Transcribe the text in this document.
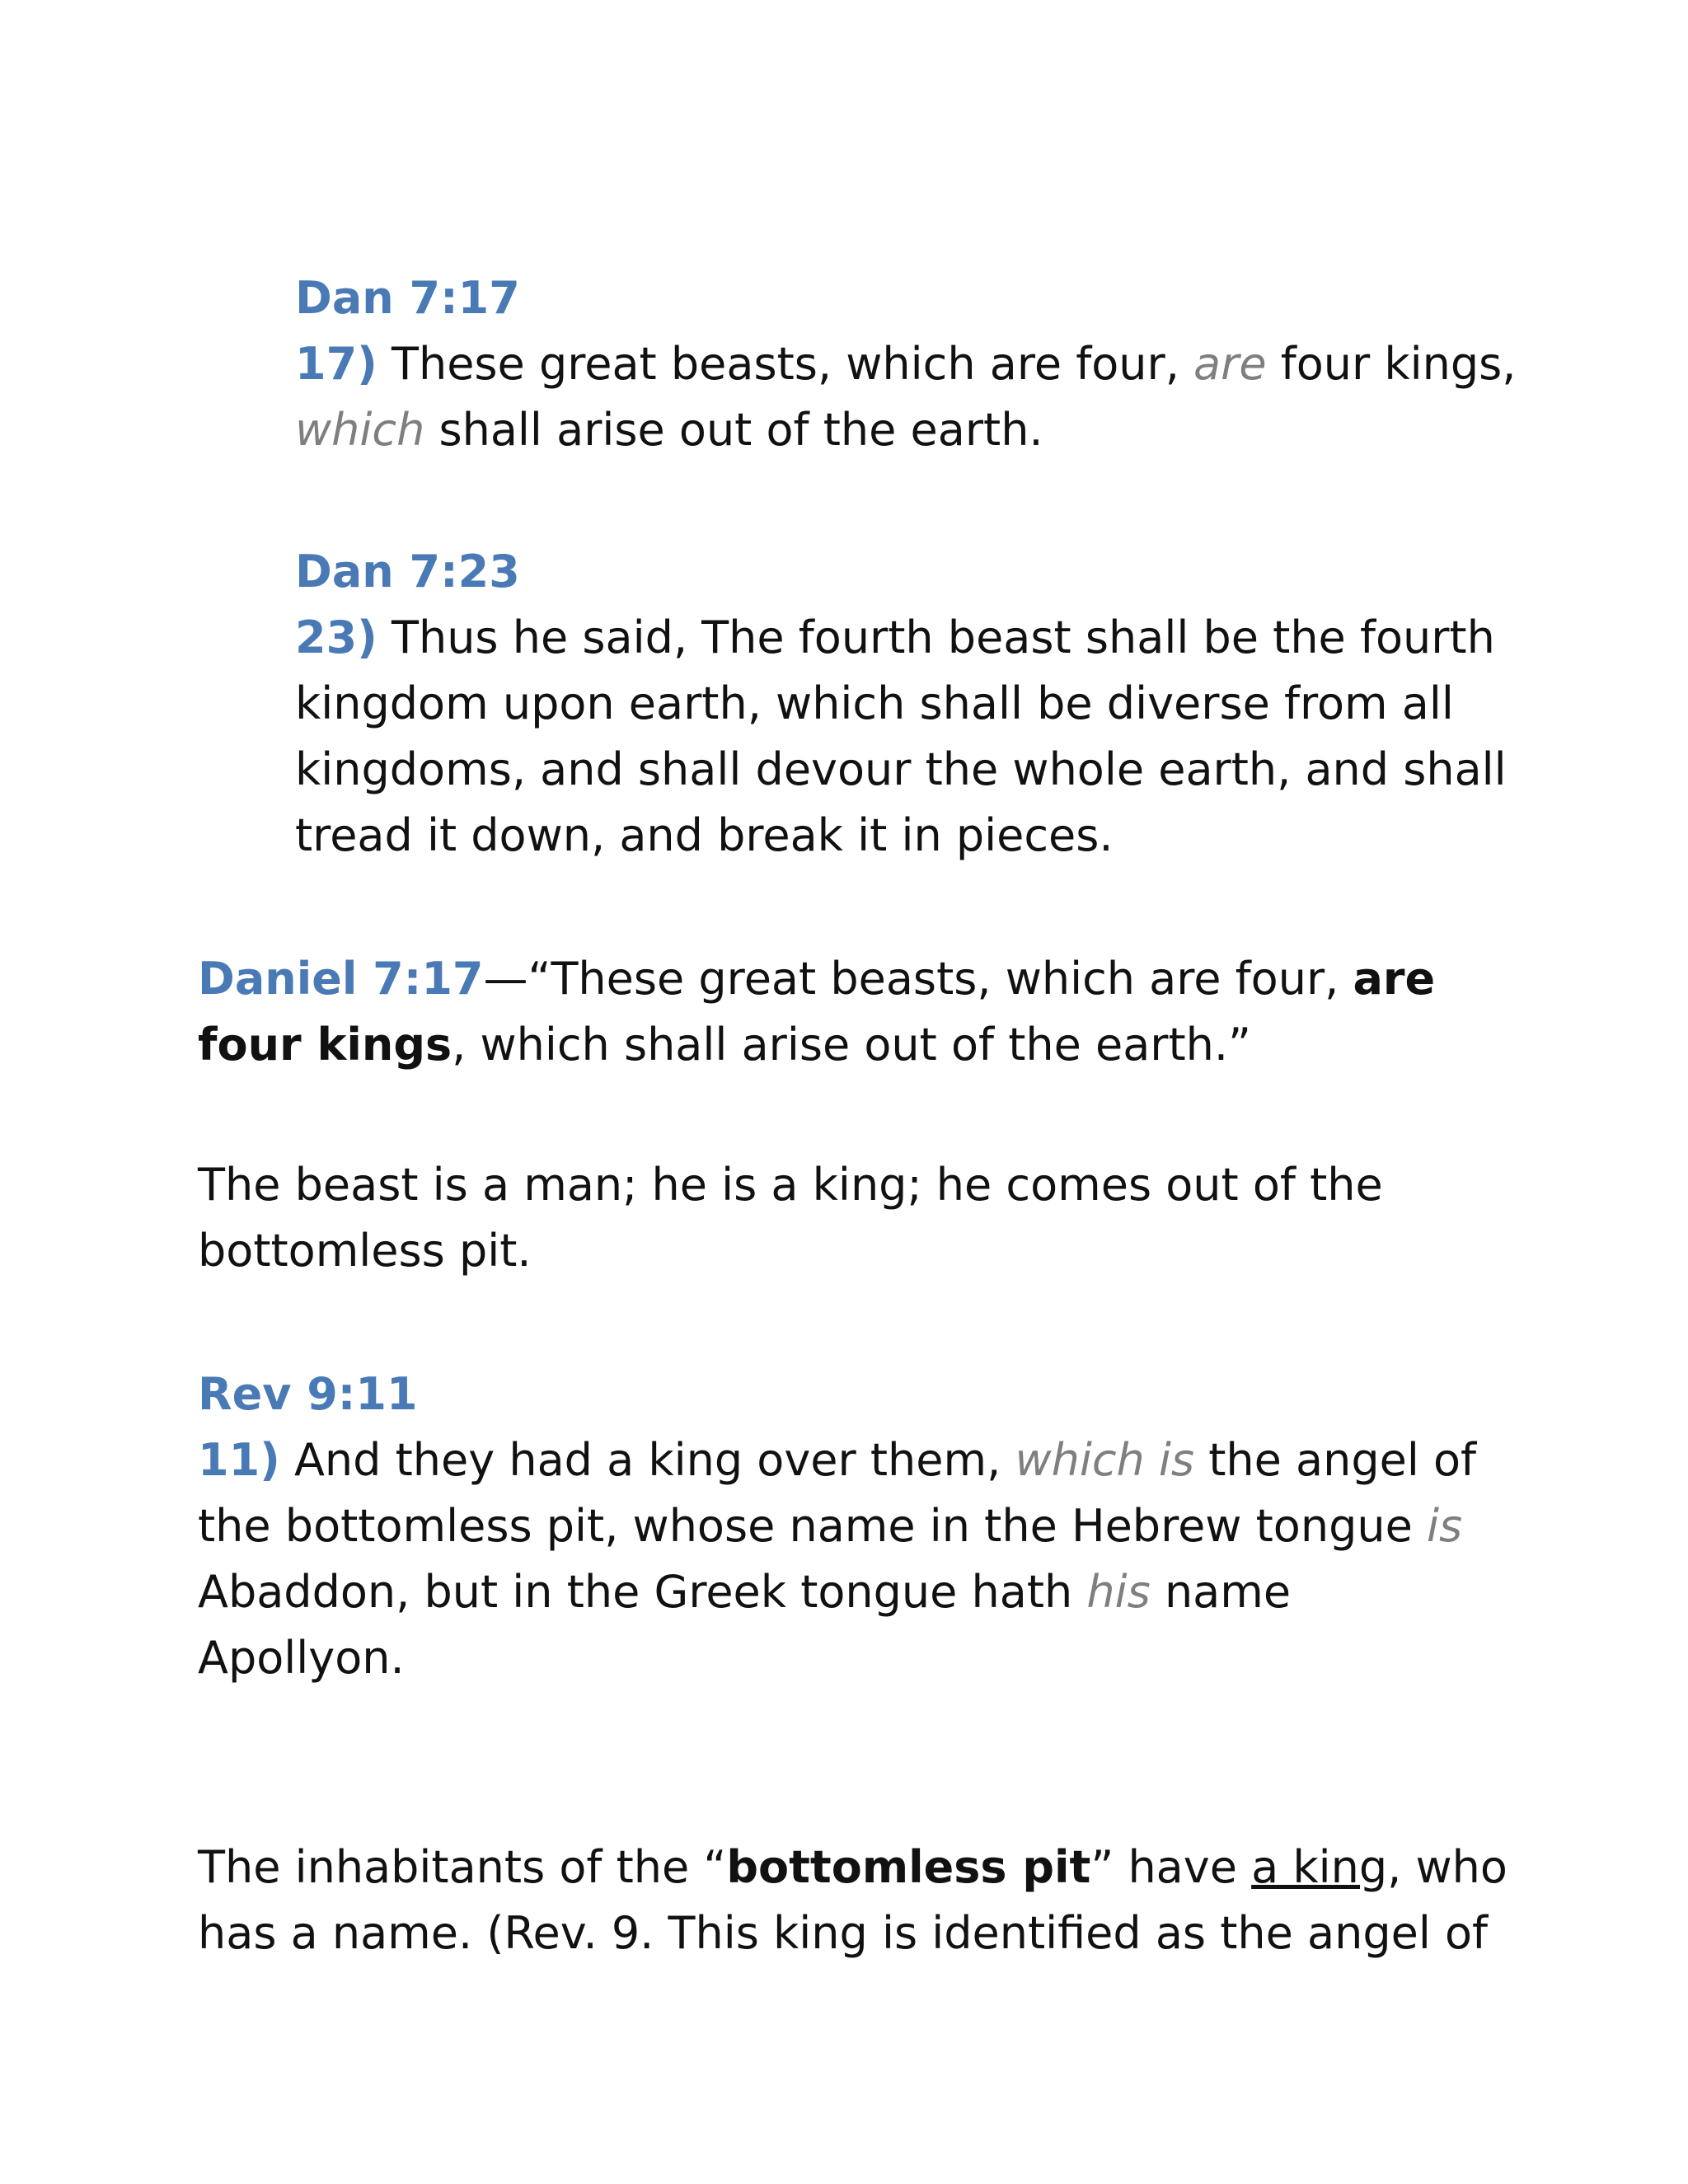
Dan 7:17
17) These great beasts, which are four, are four kings,
which shall arise out of the earth.
Dan 7:23
23) Thus he said, The fourth beast shall be the fourth
kingdom upon earth, which shall be diverse from all
kingdoms, and shall devour the whole earth, and shall
tread it down, and break it in pieces.
Daniel 7:17—“These great beasts, which are four, are
four kings, which shall arise out of the earth.”
The beast is a man; he is a king; he comes out of the
bottomless pit.
Rev 9:11
11) And they had a king over them, which is the angel of
the bottomless pit, whose name in the Hebrew tongue is
Abaddon, but in the Greek tongue hath his name
Apollyon.
The inhabitants of the “bottomless pit” have a king, who
has a name. (Rev. 9. This king is identified as the angel of
